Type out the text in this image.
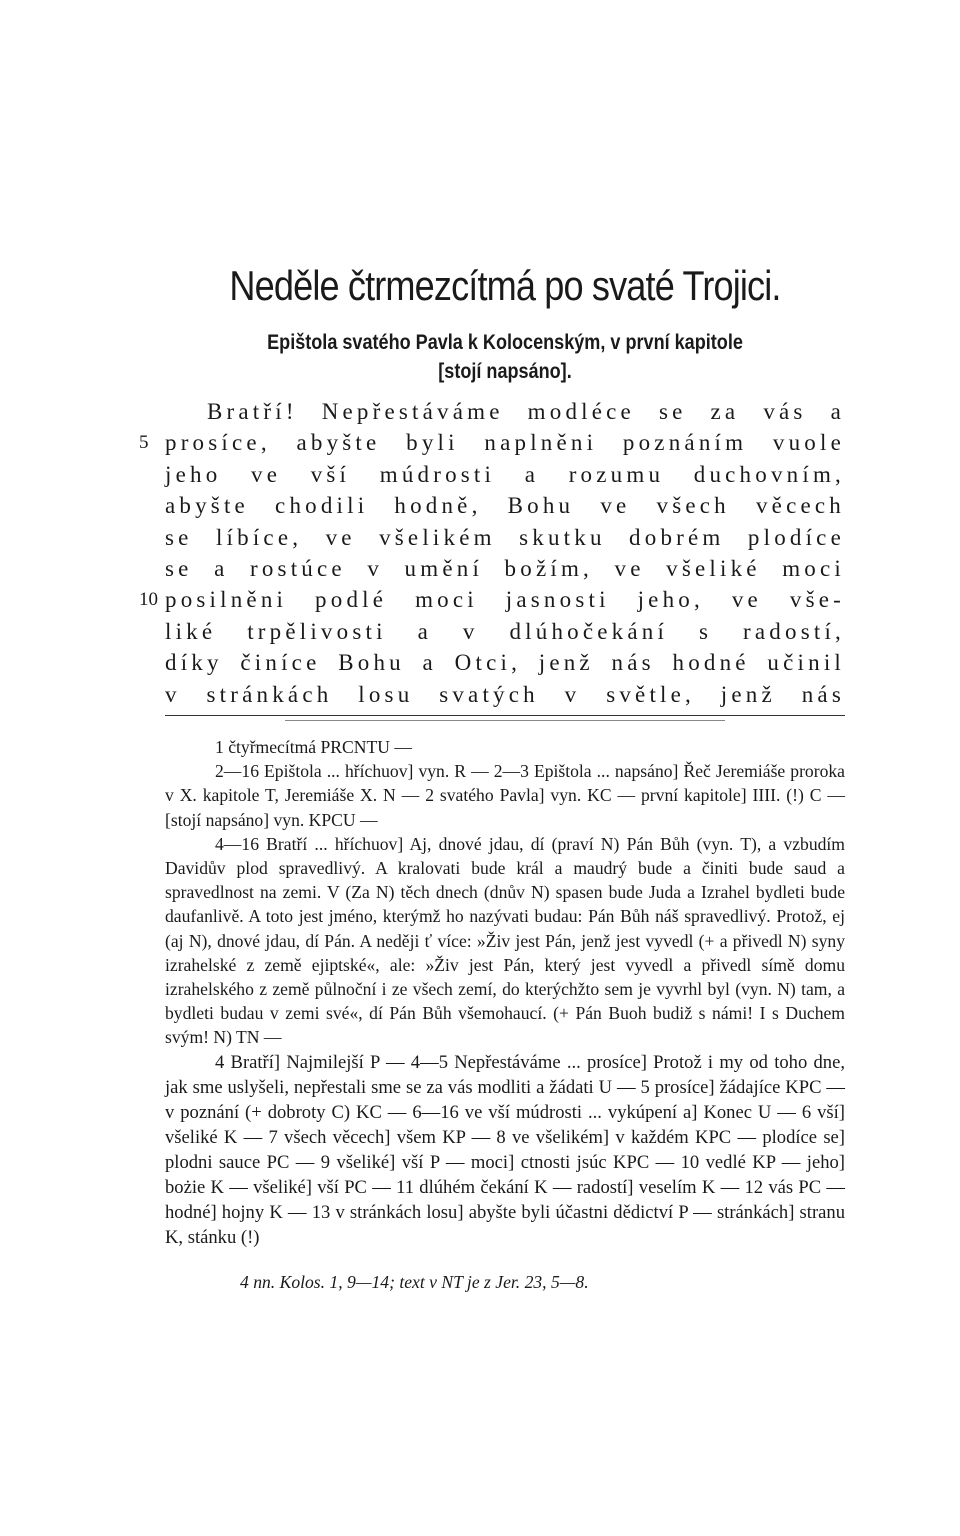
Neděle čtrmezcítmá po svaté Trojici.
Epištola svatého Pavla k Kolocenským, v první kapitole
[stojí napsáno].
Bratří! Nepřestáváme modléce se za vás a
5 prosíce, abyšte byli naplněni poznáním vuole
jeho ve vší múdrosti a rozumu duchovním,
abyšte chodili hodně, Bohu ve všech věcech
se líbíce, ve všelikém skutku dobrém plodíce
se a rostúce v umění božím, ve všeliké moci
10 posilněni podlé moci jasnosti jeho, ve vše-
liké trpělivosti a v dlúhočekání s radostí,
díky činíce Bohu a Otci, jenž nás hodné učinil
v stránkách losu svatých v světle, jenž nás

1 čtyřmecítmá PRCNTU —

2—16 Epištola ... hříchuov] vyn. R — 2—3 Epištola ... napsáno] Řeč Jeremiáše proroka v X. kapitole T, Jeremiáše X. N — 2 svatého Pavla] vyn. KC — první kapitole] IIII. (!) C — [stojí napsáno] vyn. KPCU —

4—16 Bratří ... hříchuov] Aj, dnové jdau, dí (praví N) Pán Bůh (vyn. T), a vzbudím Davidův plod spravedlivý. A kralovati bude král a maudrý bude a činiti bude saud a spravedlnost na zemi. V (Za N) těch dnech (dnův N) spasen bude Juda a Izrahel bydleti bude daufanlivě. A toto jest jméno, kterýmž ho nazývati budau: Pán Bůh náš spravedlivý. Protož, ej (aj N), dnové jdau, dí Pán. A neději ť více: »Živ jest Pán, jenž jest vyvedl (+ a přivedl N) syny izrahelské z země ejiptské«, ale: »Živ jest Pán, který jest vyvedl a přivedl símě domu izrahelského z země půlnoční i ze všech zemí, do kterýchžto sem je vyvrhl byl (vyn. N) tam, a bydleti budau v zemi své«, dí Pán Bůh všemohaucí. (+ Pán Buoh budiž s námi! I s Duchem svým! N) TN —

4 Bratří] Najmilejší P — 4—5 Nepřestáváme ... prosíce] Protož i my od toho dne, jak sme uslyšeli, nepřestali sme se za vás modliti a žádati U — 5 prosíce] žádajíce KPC — v poznání (+ dobroty C) KC — 6—16 ve vší múdrosti ... vykúpení a] Konec U — 6 vší] všeliké K — 7 všech věcech] všem KP — 8 ve všelikém] v každém KPC — plodíce se] plodni sauce PC — 9 všeliké] vší P — moci] ctnosti jsúc KPC — 10 vedlé KP — jeho] bożie K — všeliké] vší PC — 11 dlúhém čekání K — radostí] veselím K — 12 vás PC — hodné] hojny K — 13 v stránkách losu] abyšte byli účastni dědictví P — stránkách] stranu K, stánku (!)

4 nn. Kolos. 1, 9—14; text v NT je z Jer. 23, 5—8.
